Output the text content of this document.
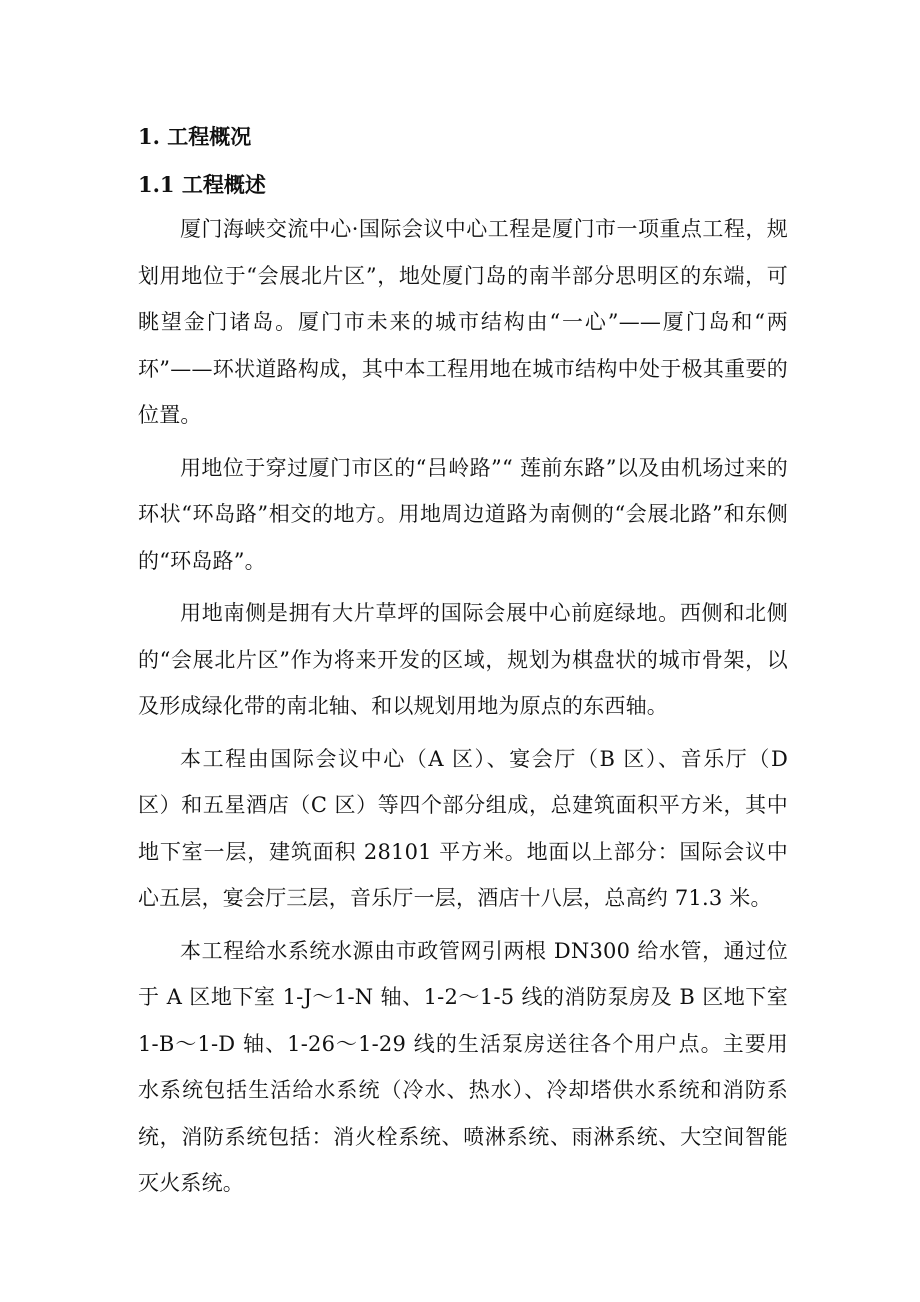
1. 工程概况
1.1 工程概述

厦门海峡交流中心·国际会议中心工程是厦门市一项重点工程，规划用地位于“会展北片区”，地处厦门岛的南半部分思明区的东端，可眺望金门诸岛。厦门市未来的城市结构由“一心”——厦门岛和“两环”——环状道路构成，其中本工程用地在城市结构中处于极其重要的位置。

用地位于穿过厦门市区的“吕岭路”“ 莲前东路”以及由机场过来的环状“环岛路”相交的地方。用地周边道路为南侧的“会展北路”和东侧的“环岛路”。

用地南侧是拥有大片草坪的国际会展中心前庭绿地。西侧和北侧的“会展北片区”作为将来开发的区域，规划为棋盘状的城市骨架，以及形成绿化带的南北轴、和以规划用地为原点的东西轴。

本工程由国际会议中心（A 区）、宴会厅（B 区）、音乐厅（D 区）和五星酒店（C 区）等四个部分组成，总建筑面积平方米，其中地下室一层，建筑面积 28101 平方米。地面以上部分：国际会议中心五层，宴会厅三层，音乐厅一层，酒店十八层，总高约 71.3 米。

本工程给水系统水源由市政管网引两根 DN300 给水管，通过位于 A 区地下室 1-J～1-N 轴、1-2～1-5 线的消防泵房及 B 区地下室 1-B～1-D 轴、1-26～1-29 线的生活泵房送往各个用户点。主要用水系统包括生活给水系统（冷水、热水）、冷却塔供水系统和消防系统，消防系统包括：消火栓系统、喷淋系统、雨淋系统、大空间智能灭火系统。
